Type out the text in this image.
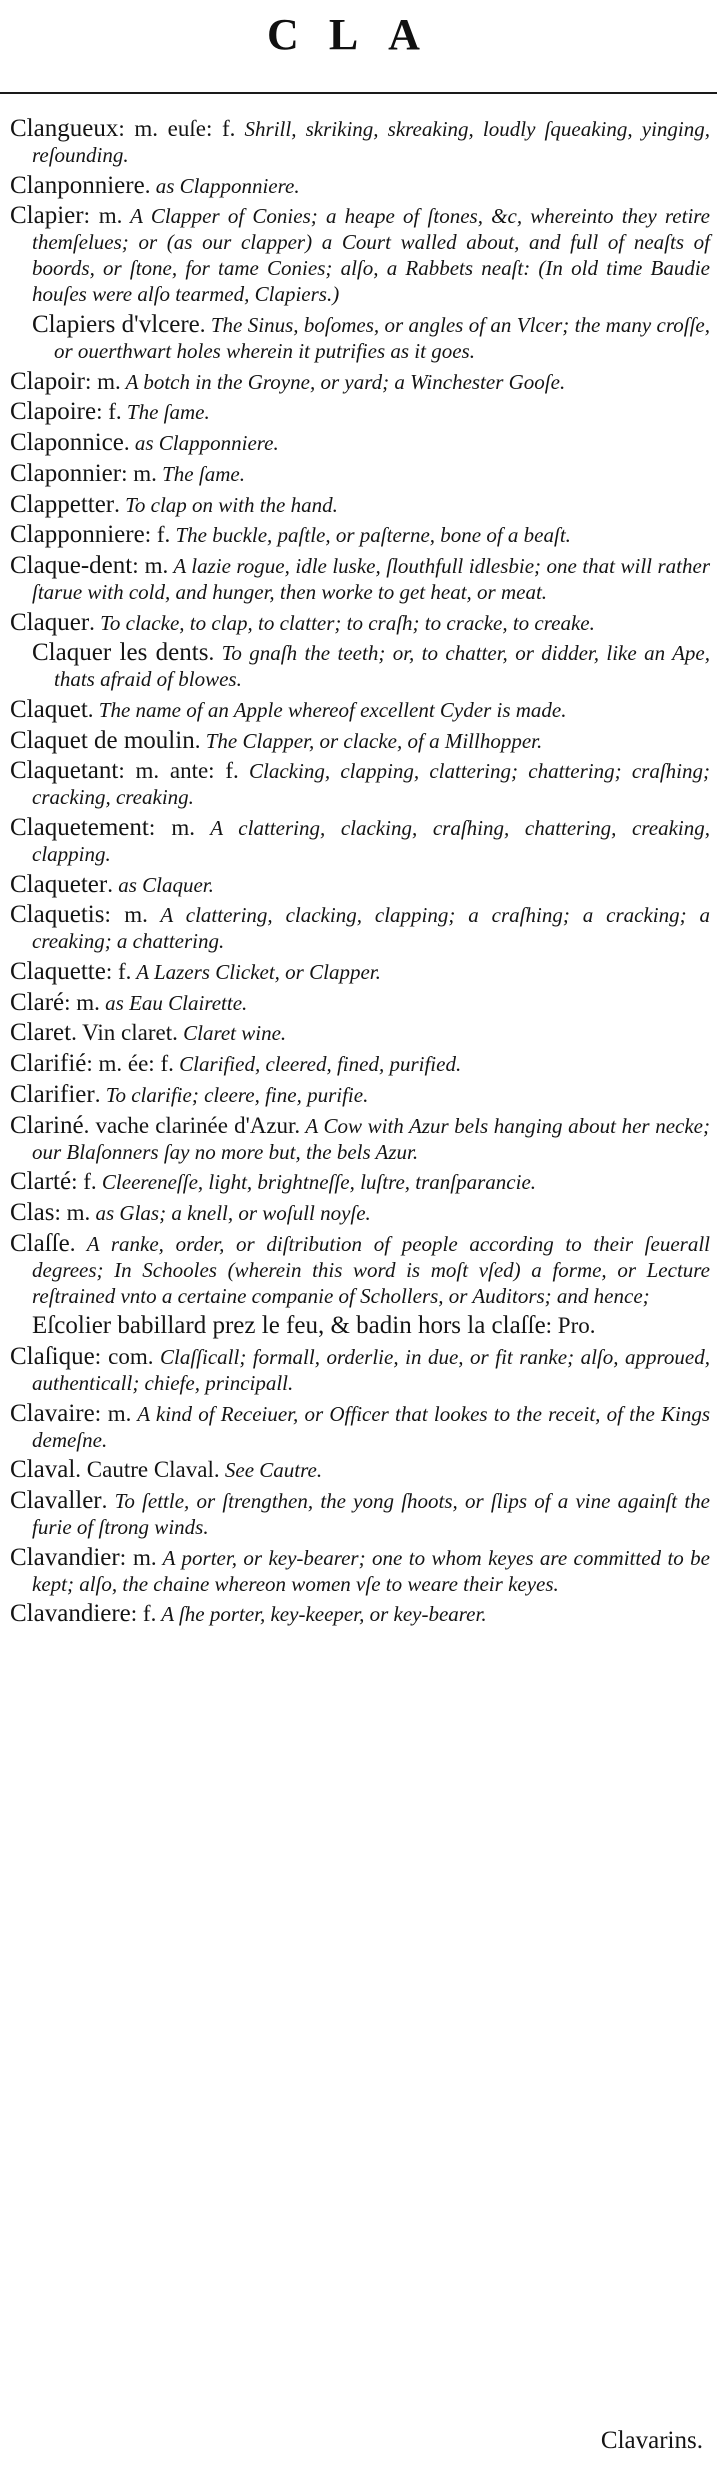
CLA

Clangueux: m. euſe: f. Shrill, skriking, skreaking, loudly ſqueaking, yinging, reſounding.

Clanponniere. as Clapponniere.

Clapier: m. A Clapper of Conies; a heape of ſtones, &c, whereinto they retire themſelues; or (as our clapper) a Court walled about, and full of neaſts of boords, or ſtone, for tame Conies; alſo, a Rabbets neaſt: (In old time Baudie houſes were alſo tearmed, Clapiers.)

Clapiers d'vlcere. The Sinus, boſomes, or angles of an Vlcer; the many croſſe, or ouerthwart holes wherein it putrifies as it goes.

Clapoir: m. A botch in the Groyne, or yard; a Winchester Gooſe.

Clapoire: f. The ſame.

Claponnice. as Clapponniere.

Claponnier: m. The ſame.

Clappetter. To clap on with the hand.

Clapponniere: f. The buckle, paſtle, or paſterne, bone of a beaſt.

Claque-dent: m. A lazie rogue, idle luske, ſlouthfull idlesbie; one that will rather ſtarue with cold, and hunger, then worke to get heat, or meat.

Claquer. To clacke, to clap, to clatter; to craſh; to cracke, to creake.

Claquer les dents. To gnaſh the teeth; or, to chatter, or didder, like an Ape, thats afraid of blowes.

Claquet. The name of an Apple whereof excellent Cyder is made.

Claquet de moulin. The Clapper, or clacke, of a Millhopper.

Claquetant: m. ante: f. Clacking, clapping, clattering; chattering; craſhing; cracking, creaking.

Claquetement: m. A clattering, clacking, craſhing, chattering, creaking, clapping.

Claqueter. as Claquer.

Claquetis: m. A clattering, clacking, clapping; a craſhing; a cracking; a creaking; a chattering.

Claquette: f. A Lazers Clicket, or Clapper.

Claré: m. as Eau Clairette.

Claret. Vin claret. Claret wine.

Clarifié: m. ée: f. Clarified, cleered, fined, purified.

Clarifier. To clarifie; cleere, fine, purifie.

Clariné. vache clarinée d'Azur. A Cow with Azur bels hanging about her necke; our Blaſonners ſay no more but, the bels Azur.

Clarté: f. Cleereneſſe, light, brightneſſe, luſtre, tranſparancie.

Clas: m. as Glas; a knell, or woſull noyſe.

Claſſe. A ranke, order, or diſtribution of people according to their ſeuerall degrees; In Schooles (wherein this word is moſt vſed) a forme, or Lecture reſtrained vnto a certaine companie of Schollers, or Auditors; and hence;

Eſcolier babillard prez le feu, & badin hors la claſſe: Pro.

Claſique: com. Claſſicall; formall, orderlie, in due, or fit ranke; alſo, approued, authenticall; chiefe, principall.

Clavaire: m. A kind of Receiuer, or Officer that lookes to the receit, of the Kings demeſne.

Claval. Cautre Claval. See Cautre.

Clavaller. To ſettle, or ſtrengthen, the yong ſhoots, or ſlips of a vine againſt the furie of ſtrong winds.

Clavandier: m. A porter, or key-bearer; one to whom keyes are committed to be kept; alſo, the chaine whereon women vſe to weare their keyes.

Clavandiere: f. A ſhe porter, key-keeper, or key-bearer.

Clavarins.
